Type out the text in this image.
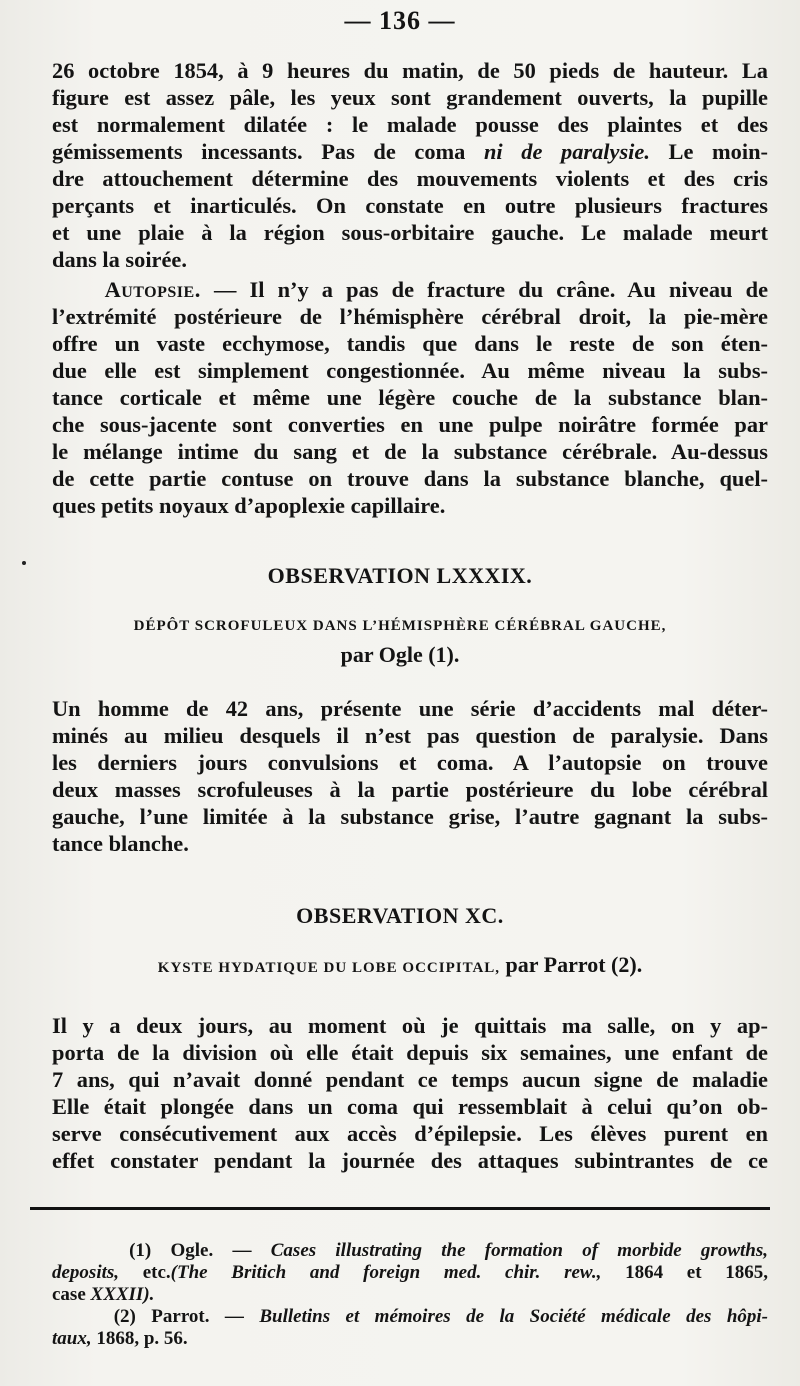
— 136 —
26 octobre 1854, à 9 heures du matin, de 50 pieds de hauteur. La
figure est assez pâle, les yeux sont grandement ouverts, la pupille
est normalement dilatée : le malade pousse des plaintes et des
gémissements incessants. Pas de coma ni de paralysie. Le moin-
dre attouchement détermine des mouvements violents et des cris
perçants et inarticulés. On constate en outre plusieurs fractures
et une plaie à la région sous-orbitaire gauche. Le malade meurt
dans la soirée.
Autopsie. — Il n’y a pas de fracture du crâne. Au niveau de
l’extrémité postérieure de l’hémisphère cérébral droit, la pie-mère
offre un vaste ecchymose, tandis que dans le reste de son éten-
due elle est simplement congestionnée. Au même niveau la subs-
tance corticale et même une légère couche de la substance blan-
che sous-jacente sont converties en une pulpe noirâtre formée par
le mélange intime du sang et de la substance cérébrale. Au-dessus
de cette partie contuse on trouve dans la substance blanche, quel-
ques petits noyaux d’apoplexie capillaire.
OBSERVATION LXXXIX.
DÉPÔT SCROFULEUX DANS L’HÉMISPHÈRE CÉRÉBRAL GAUCHE,
par Ogle (1).
Un homme de 42 ans, présente une série d’accidents mal déter-
minés au milieu desquels il n’est pas question de paralysie. Dans
les derniers jours convulsions et coma. A l’autopsie on trouve
deux masses scrofuleuses à la partie postérieure du lobe cérébral
gauche, l’une limitée à la substance grise, l’autre gagnant la subs-
tance blanche.
OBSERVATION XC.
KYSTE HYDATIQUE DU LOBE OCCIPITAL, par Parrot (2).
Il y a deux jours, au moment où je quittais ma salle, on y ap-
porta de la division où elle était depuis six semaines, une enfant de
7 ans, qui n’avait donné pendant ce temps aucun signe de maladie
Elle était plongée dans un coma qui ressemblait à celui qu’on ob-
serve consécutivement aux accès d’épilepsie. Les élèves purent en
effet constater pendant la journée des attaques subintrantes de ce
(1) Ogle. — Cases illustrating the formation of morbide growths,
deposits, etc.(The Britich and foreign med. chir. rew., 1864 et 1865,
case XXXII).
(2) Parrot. — Bulletins et mémoires de la Société médicale des hôpi-
taux, 1868, p. 56.
